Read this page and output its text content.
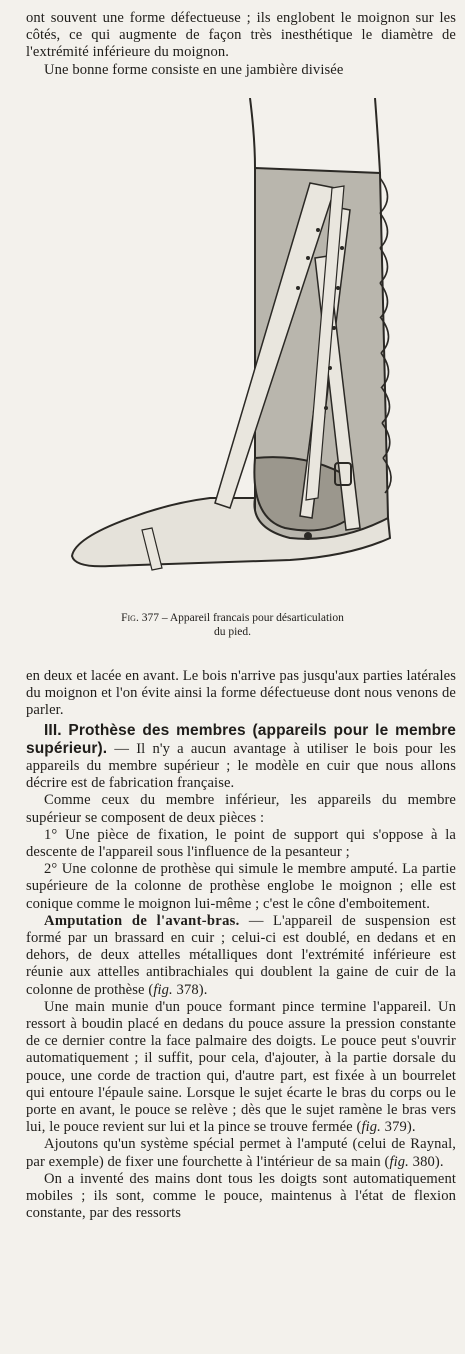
ont souvent une forme défectueuse ; ils englobent le moignon sur les côtés, ce qui augmente de façon très inesthétique le diamètre de l'extrémité inférieure du moignon.

Une bonne forme consiste en une jambière divisée

Fig. 377 – Appareil francais pour désarticulation
du pied.

en deux et lacée en avant. Le bois n'arrive pas jusqu'aux parties latérales du moignon et l'on évite ainsi la forme défectueuse dont nous venons de parler.

III. Prothèse des membres (appareils pour le membre supérieur). — Il n'y a aucun avantage à utiliser le bois pour les appareils du membre supérieur ; le modèle en cuir que nous allons décrire est de fabrication française.

Comme ceux du membre inférieur, les appareils du membre supérieur se composent de deux pièces :

1° Une pièce de fixation, le point de support qui s'oppose à la descente de l'appareil sous l'influence de la pesanteur ;

2° Une colonne de prothèse qui simule le membre amputé. La partie supérieure de la colonne de prothèse englobe le moignon ; elle est conique comme le moignon lui-même ; c'est le cône d'emboitement.

Amputation de l'avant-bras. — L'appareil de suspension est formé par un brassard en cuir ; celui-ci est doublé, en dedans et en dehors, de deux attelles métalliques dont l'extrémité inférieure est réunie aux attelles antibrachiales qui doublent la gaine de cuir de la colonne de prothèse (fig. 378).

Une main munie d'un pouce formant pince termine l'appareil. Un ressort à boudin placé en dedans du pouce assure la pression constante de ce dernier contre la face palmaire des doigts. Le pouce peut s'ouvrir automatiquement ; il suffit, pour cela, d'ajouter, à la partie dorsale du pouce, une corde de traction qui, d'autre part, est fixée à un bourrelet qui entoure l'épaule saine. Lorsque le sujet écarte le bras du corps ou le porte en avant, le pouce se relève ; dès que le sujet ramène le bras vers lui, le pouce revient sur lui et la pince se trouve fermée (fig. 379).

Ajoutons qu'un système spécial permet à l'amputé (celui de Raynal, par exemple) de fixer une fourchette à l'intérieur de sa main (fig. 380).

On a inventé des mains dont tous les doigts sont automatiquement mobiles ; ils sont, comme le pouce, maintenus à l'état de flexion constante, par des ressorts
